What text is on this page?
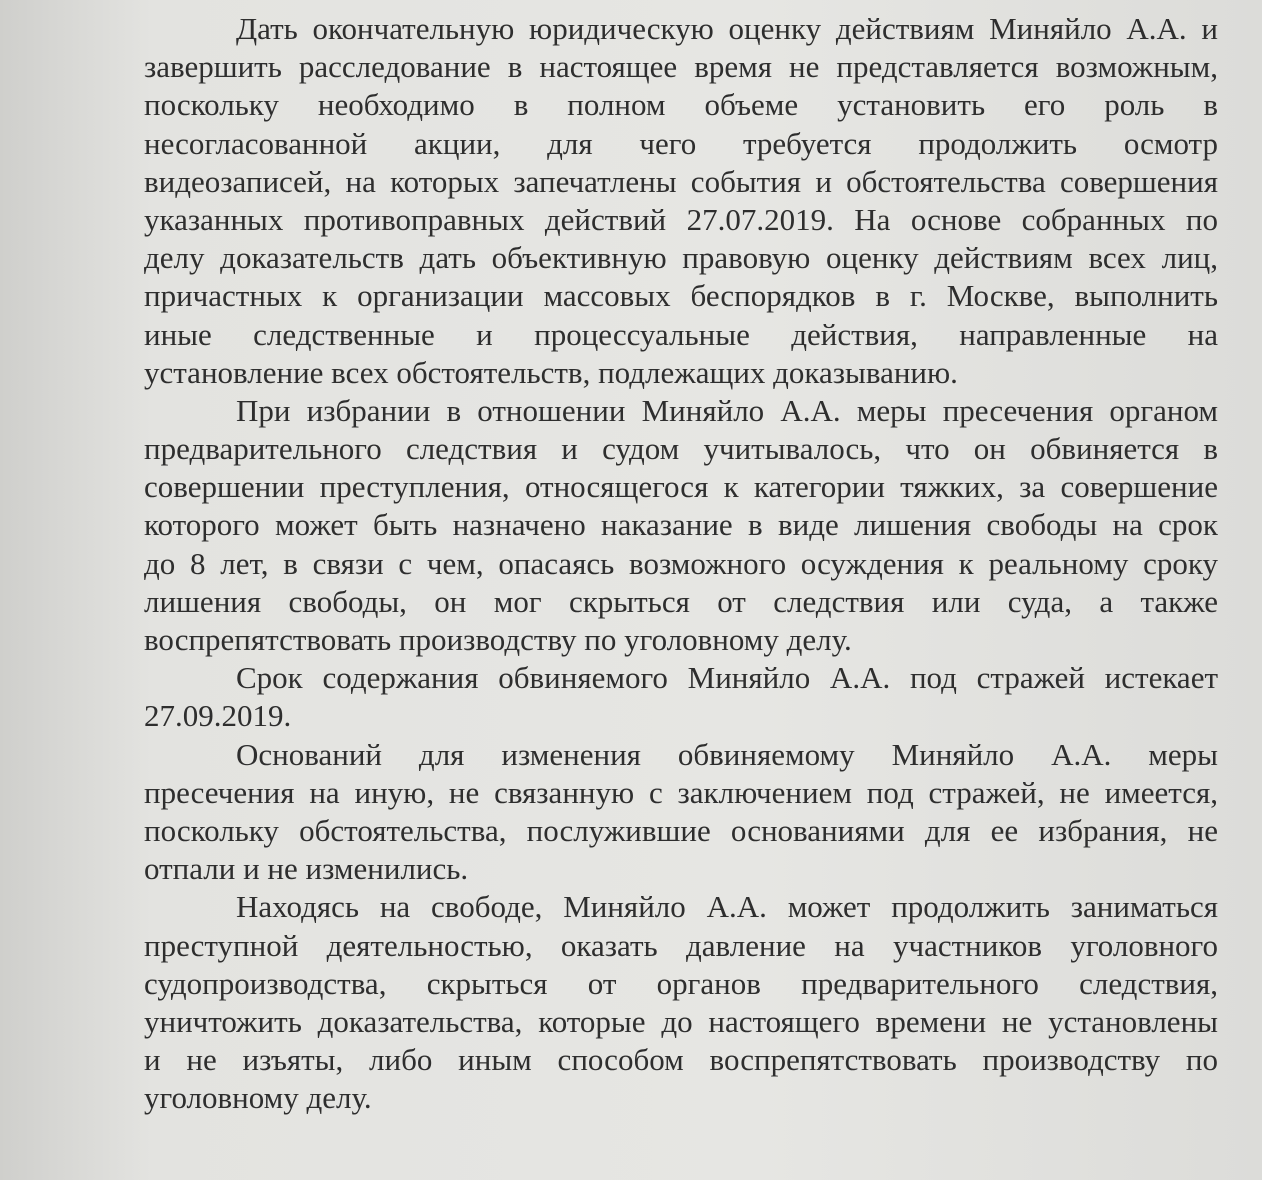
Дать окончательную юридическую оценку действиям Миняйло А.А. и
завершить расследование в настоящее время не представляется возможным,
поскольку необходимо в полном объеме установить его роль в
несогласованной акции, для чего требуется продолжить осмотр
видеозаписей, на которых запечатлены события и обстоятельства совершения
указанных противоправных действий 27.07.2019. На основе собранных по
делу доказательств дать объективную правовую оценку действиям всех лиц,
причастных к организации массовых беспорядков в г. Москве, выполнить
иные следственные и процессуальные действия, направленные на
установление всех обстоятельств, подлежащих доказыванию.

При избрании в отношении Миняйло А.А. меры пресечения органом
предварительного следствия и судом учитывалось, что он обвиняется в
совершении преступления, относящегося к категории тяжких, за совершение
которого может быть назначено наказание в виде лишения свободы на срок
до 8 лет, в связи с чем, опасаясь возможного осуждения к реальному сроку
лишения свободы, он мог скрыться от следствия или суда, а также
воспрепятствовать производству по уголовному делу.

Срок содержания обвиняемого Миняйло А.А. под стражей истекает
27.09.2019.

Оснований для изменения обвиняемому Миняйло А.А. меры
пресечения на иную, не связанную с заключением под стражей, не имеется,
поскольку обстоятельства, послужившие основаниями для ее избрания, не
отпали и не изменились.

Находясь на свободе, Миняйло А.А. может продолжить заниматься
преступной деятельностью, оказать давление на участников уголовного
судопроизводства, скрыться от органов предварительного следствия,
уничтожить доказательства, которые до настоящего времени не установлены
и не изъяты, либо иным способом воспрепятствовать производству по
уголовному делу.
